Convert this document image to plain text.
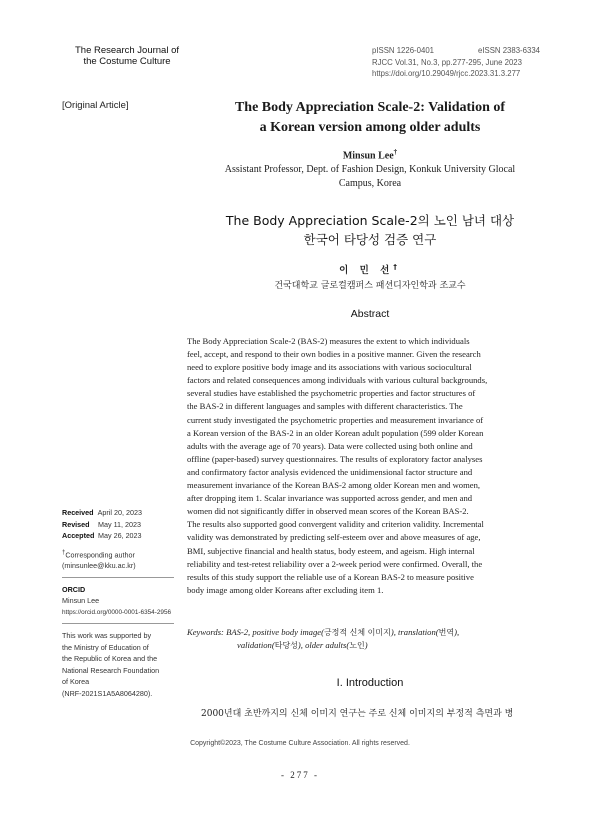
The Research Journal of
the Costume Culture
pISSN 1226-0401	eISSN 2383-6334
RJCC Vol.31, No.3, pp.277-295, June 2023
https://doi.org/10.29049/rjcc.2023.31.3.277
[Original Article]	The Body Appreciation Scale-2: Validation of
a Korean version among older adults
Minsun Lee†
Assistant Professor, Dept. of Fashion Design, Konkuk University Glocal
Campus, Korea
The Body Appreciation Scale-2의 노인 남녀 대상
한국어 타당성 검증 연구
이 민 선†
건국대학교 글로컬캠퍼스 패션디자인학과 조교수
Abstract
The Body Appreciation Scale-2 (BAS-2) measures the extent to which individuals
feel, accept, and respond to their own bodies in a positive manner. Given the research
need to explore positive body image and its associations with various sociocultural
factors and related consequences among individuals with various cultural backgrounds,
several studies have established the psychometric properties and factor structures of
the BAS-2 in different languages and samples with different characteristics. The
current study investigated the psychometric properties and measurement invariance of
a Korean version of the BAS-2 in an older Korean adult population (599 older Korean
adults with the average age of 70 years). Data were collected using both online and
offline (paper-based) survey questionnaires. The results of exploratory factor analyses
and confirmatory factor analysis evidenced the unidimensional factor structure and
measurement invariance of the Korean BAS-2 among older Korean men and women,
after dropping item 1. Scalar invariance was supported across gender, and men and
women did not significantly differ in observed mean scores of the Korean BAS-2.
The results also supported good convergent validity and criterion validity. Incremental
validity was demonstrated by predicting self-esteem over and above measures of age,
BMI, subjective financial and health status, body esteem, and ageism. High internal
reliability and test-retest reliability over a 2-week period were confirmed. Overall, the
results of this study support the reliable use of a Korean BAS-2 to measure positive
body image among older Koreans after excluding item 1.
Keywords: BAS-2, positive body image(긍정적 신체 이미지), translation(번역),
validation(타당성), older adults(노인)
Received April 20, 2023
Revised May 11, 2023
Accepted May 26, 2023
†Corresponding author
(minsunlee@kku.ac.kr)
ORCID
Minsun Lee
https://orcid.org/0000-0001-6354-2956
This work was supported by
the Ministry of Education of
the Republic of Korea and the
National Research Foundation
of Korea
(NRF-2021S1A5A8064280).
I. Introduction
2000년대 초반까지의 신체 이미지 연구는 주로 신체 이미지의 부정적 측면과 병
Copyright©2023, The Costume Culture Association. All rights reserved.
- 277 -
